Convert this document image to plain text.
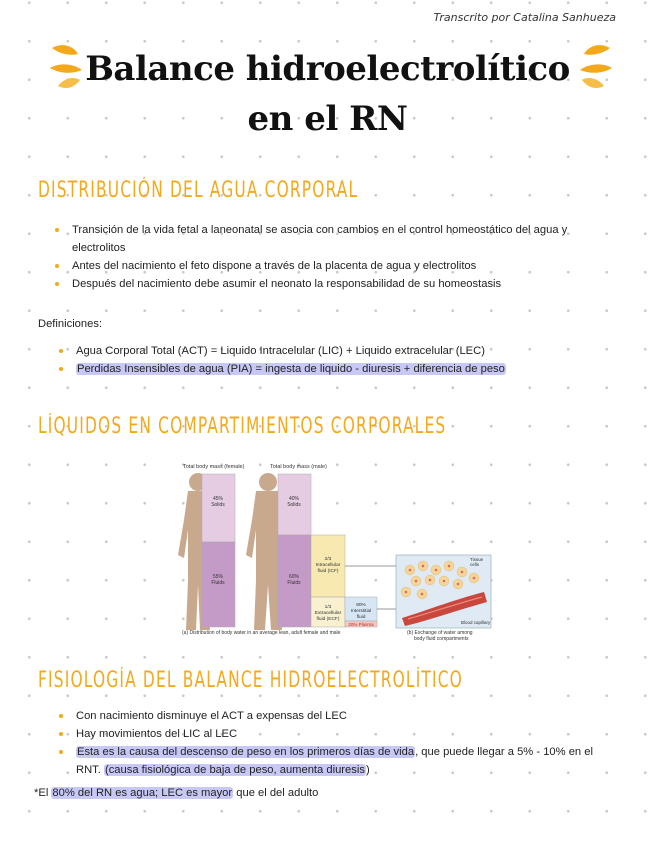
Transcrito por Catalina Sanhueza
Balance hidroelectrolítico
en el RN
DISTRIBUCIÓN DEL AGUA CORPORAL
Transición de la vida fetal a laneonatal se asocia con cambios en el control homeostático del agua y electrolitos
Antes del nacimiento el feto dispone a través de la placenta de agua y electrolitos
Después del nacimiento debe asumir el neonato la responsabilidad de su homeostasis
Definiciones:
Agua Corporal Total (ACT) = Liquido Intracelular (LIC) + Liquido extracelular (LEC)
Perdidas Insensibles de agua (PIA) = ingesta de liquido - diuresis + diferencia de peso
LÍQUIDOS EN COMPARTIMIENTOS CORPORALES
Total body mass (female)
45%
Solids
55%
Fluids
Total body mass (male)
40%
Solids
60%
Fluids
2/3
Intracellular
fluid (ICF)
1/3
Extracellular
fluid (ECF)
80%
Interstitial
fluid
20% Plasma
Tissue
cells
Blood capillary
(a) Distribution of body water in an average lean, adult female and male	(b) Exchange of water among
body fluid compartments
FISIOLOGÍA DEL BALANCE HIDROELECTROLÍTICO
Con nacimiento disminuye el ACT a expensas del LEC
Hay movimientos del LIC al LEC
Esta es la causa del descenso de peso en los primeros días de vida, que puede llegar a 5% - 10% en el RNT. (causa fisiológica de baja de peso, aumenta diuresis)
*El 80% del RN es agua; LEC es mayor que el del adulto
